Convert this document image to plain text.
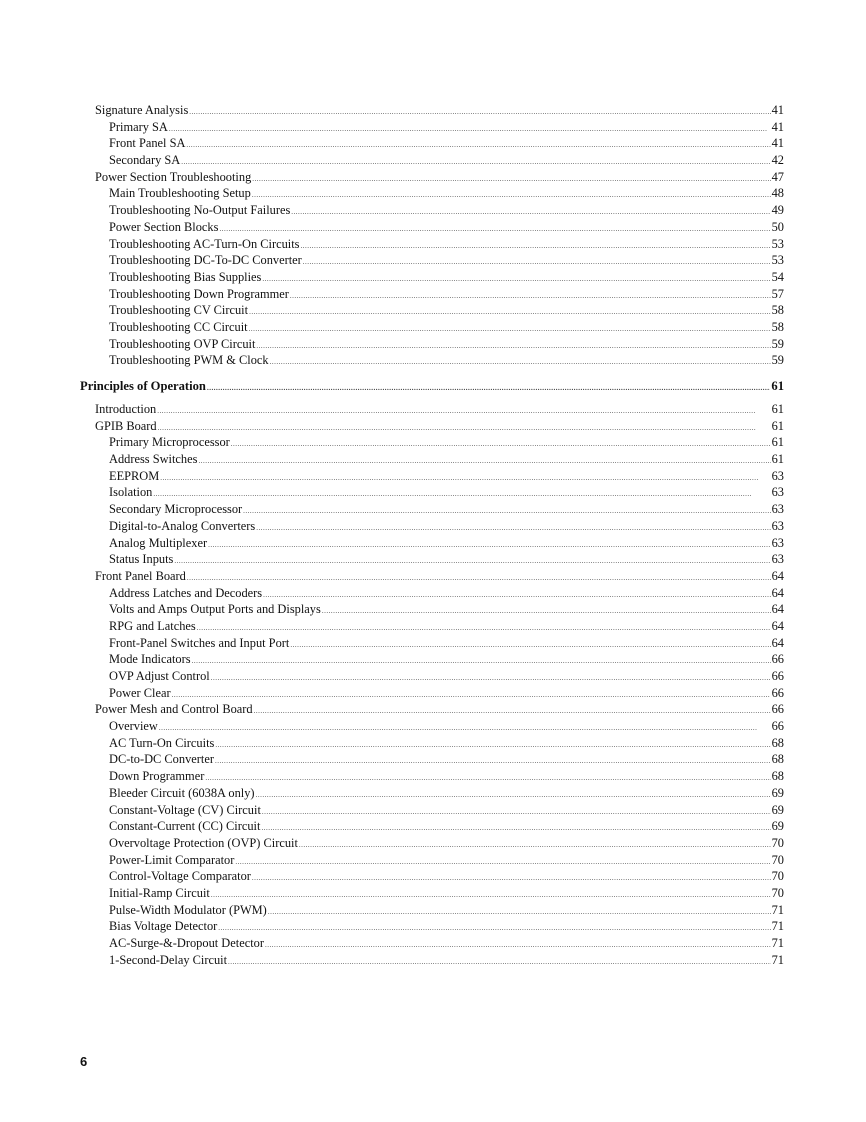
Signature Analysis .....	41
Primary SA .....	41
Front Panel SA .....	41
Secondary SA .....	42
Power Section Troubleshooting .....	47
Main Troubleshooting Setup .....	48
Troubleshooting No-Output Failures .....	49
Power Section Blocks .....	50
Troubleshooting AC-Turn-On Circuits .....	53
Troubleshooting DC-To-DC Converter .....	53
Troubleshooting Bias Supplies .....	54
Troubleshooting Down Programmer .....	57
Troubleshooting CV Circuit .....	58
Troubleshooting CC Circuit .....	58
Troubleshooting OVP Circuit .....	59
Troubleshooting PWM & Clock .....	59
Principles of Operation .....	61
Introduction .....	61
GPIB Board .....	61
Primary Microprocessor .....	61
Address Switches .....	61
EEPROM .....	63
Isolation .....	63
Secondary Microprocessor .....	63
Digital-to-Analog Converters .....	63
Analog Multiplexer .....	63
Status Inputs .....	63
Front Panel Board .....	64
Address Latches and Decoders .....	64
Volts and Amps Output Ports and Displays .....	64
RPG and Latches .....	64
Front-Panel Switches and Input Port .....	64
Mode Indicators .....	66
OVP Adjust Control .....	66
Power Clear .....	66
Power Mesh and Control Board .....	66
Overview .....	66
AC Turn-On Circuits .....	68
DC-to-DC Converter .....	68
Down Programmer .....	68
Bleeder Circuit (6038A only) .....	69
Constant-Voltage (CV) Circuit .....	69
Constant-Current (CC) Circuit .....	69
Overvoltage Protection (OVP) Circuit .....	70
Power-Limit Comparator .....	70
Control-Voltage Comparator .....	70
Initial-Ramp Circuit .....	70
Pulse-Width Modulator (PWM) .....	71
Bias Voltage Detector .....	71
AC-Surge-&-Dropout Detector .....	71
1-Second-Delay Circuit .....	71
6
